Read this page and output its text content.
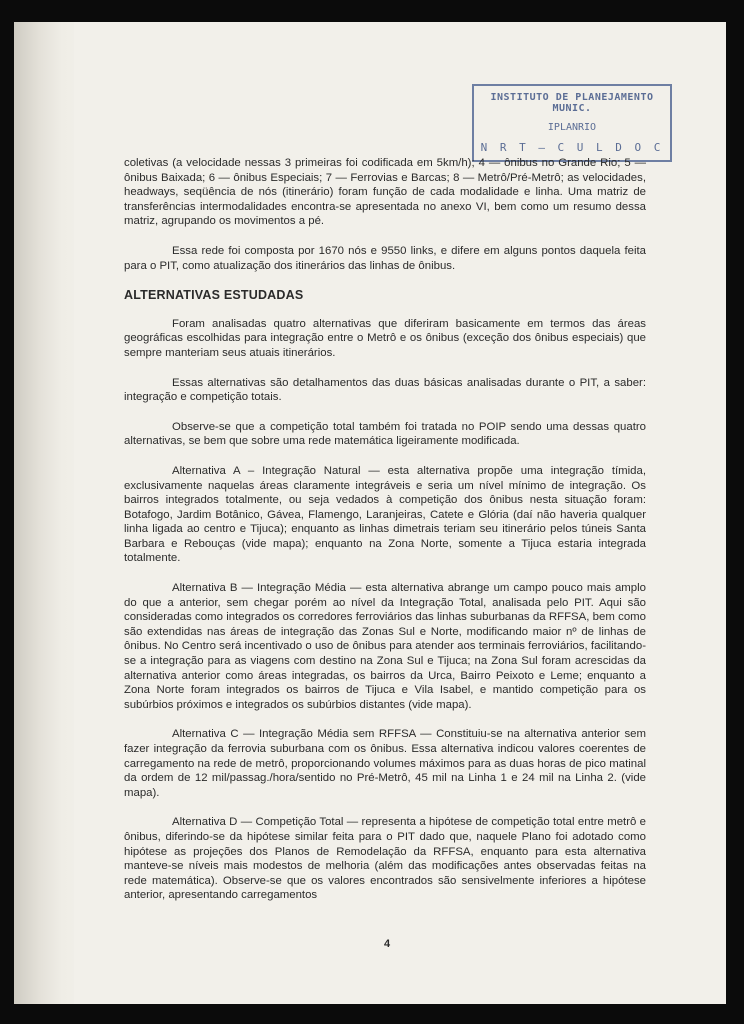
INSTITUTO DE PLANEJAMENTO MUNIC.
IPLANRIO
N R T — C U L D O C

coletivas (a velocidade nessas 3 primeiras foi codificada em 5km/h); 4 — ônibus no Grande Rio; 5 — ônibus Baixada; 6 — ônibus Especiais; 7 — Ferrovias e Barcas; 8 — Metrô/Pré-Metrô; as velocidades, headways, seqüência de nós (itinerário) foram função de cada modalidade e linha. Uma matriz de transferências intermodalidades encontra-se apresentada no anexo VI, bem como um resumo dessa matriz, agrupando os movimentos a pé.

Essa rede foi composta por 1670 nós e 9550 links, e difere em alguns pontos daquela feita para o PIT, como atualização dos itinerários das linhas de ônibus.

ALTERNATIVAS ESTUDADAS

Foram analisadas quatro alternativas que diferiram basicamente em termos das áreas geográficas escolhidas para integração entre o Metrô e os ônibus (exceção dos ônibus especiais) que sempre manteriam seus atuais itinerários.

Essas alternativas são detalhamentos das duas básicas analisadas durante o PIT, a saber: integração e competição totais.

Observe-se que a competição total também foi tratada no POIP sendo uma dessas quatro alternativas, se bem que sobre uma rede matemática ligeiramente modificada.

Alternativa A – Integração Natural — esta alternativa propõe uma integração tímida, exclusivamente naquelas áreas claramente integráveis e seria um nível mínimo de integração. Os bairros integrados totalmente, ou seja vedados à competição dos ônibus nesta situação foram: Botafogo, Jardim Botânico, Gávea, Flamengo, Laranjeiras, Catete e Glória (daí não haveria qualquer linha ligada ao centro e Tijuca); enquanto as linhas dimetrais teriam seu itinerário pelos túneis Santa Barbara e Rebouças (vide mapa); enquanto na Zona Norte, somente a Tijuca estaria integrada totalmente.

Alternativa B — Integração Média — esta alternativa abrange um campo pouco mais amplo do que a anterior, sem chegar porém ao nível da Integração Total, analisada pelo PIT. Aqui são consideradas como integrados os corredores ferroviários das linhas suburbanas da RFFSA, bem como são extendidas nas áreas de integração das Zonas Sul e Norte, modificando maior nº de linhas de ônibus. No Centro será incentivado o uso de ônibus para atender aos terminais ferroviários, facilitando-se a integração para as viagens com destino na Zona Sul e Tijuca; na Zona Sul foram acrescidas da alternativa anterior como áreas integradas, os bairros da Urca, Bairro Peixoto e Leme; enquanto a Zona Norte foram integrados os bairros de Tijuca e Vila Isabel, e mantido competição para os subúrbios próximos e integrados os subúrbios distantes (vide mapa).

Alternativa C — Integração Média sem RFFSA — Constituiu-se na alternativa anterior sem fazer integração da ferrovia suburbana com os ônibus. Essa alternativa indicou valores coerentes de carregamento na rede de metrô, proporcionando volumes máximos para as duas horas de pico matinal da ordem de 12 mil/passag./hora/sentido no Pré-Metrô, 45 mil na Linha 1 e 24 mil na Linha 2. (vide mapa).

Alternativa D — Competição Total — representa a hipótese de competição total entre metrô e ônibus, diferindo-se da hipótese similar feita para o PIT dado que, naquele Plano foi adotado como hipótese as projeções dos Planos de Remodelação da RFFSA, enquanto para esta alternativa manteve-se níveis mais modestos de melhoria (além das modificações antes observadas feitas na rede matemática). Observe-se que os valores encontrados são sensivelmente inferiores a hipótese anterior, apresentando carregamentos

4
